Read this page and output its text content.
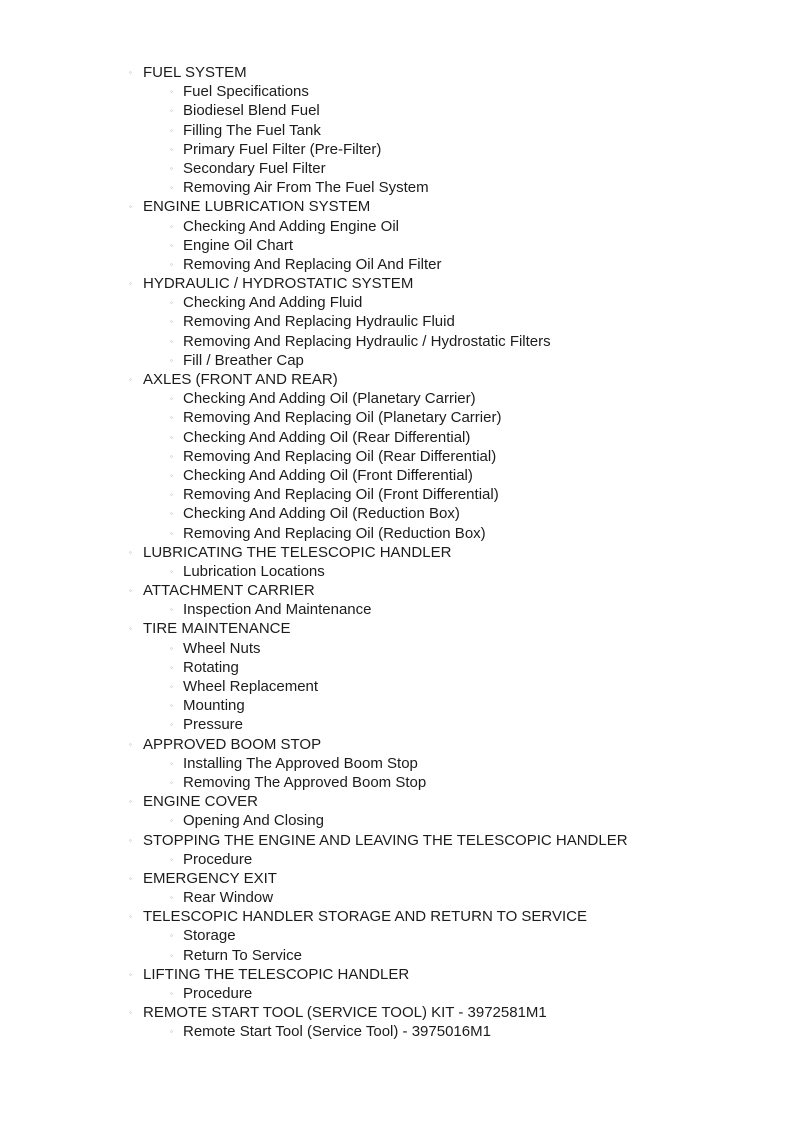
◦ FUEL SYSTEM
◦ Fuel Specifications
◦ Biodiesel Blend Fuel
◦ Filling The Fuel Tank
◦ Primary Fuel Filter (Pre-Filter)
◦ Secondary Fuel Filter
◦ Removing Air From The Fuel System
◦ ENGINE LUBRICATION SYSTEM
◦ Checking And Adding Engine Oil
◦ Engine Oil Chart
◦ Removing And Replacing Oil And Filter
◦ HYDRAULIC / HYDROSTATIC SYSTEM
◦ Checking And Adding Fluid
◦ Removing And Replacing Hydraulic Fluid
◦ Removing And Replacing Hydraulic / Hydrostatic Filters
◦ Fill / Breather Cap
◦ AXLES (FRONT AND REAR)
◦ Checking And Adding Oil (Planetary Carrier)
◦ Removing And Replacing Oil (Planetary Carrier)
◦ Checking And Adding Oil (Rear Differential)
◦ Removing And Replacing Oil (Rear Differential)
◦ Checking And Adding Oil (Front Differential)
◦ Removing And Replacing Oil (Front Differential)
◦ Checking And Adding Oil (Reduction Box)
◦ Removing And Replacing Oil (Reduction Box)
◦ LUBRICATING THE TELESCOPIC HANDLER
◦ Lubrication Locations
◦ ATTACHMENT CARRIER
◦ Inspection And Maintenance
◦ TIRE MAINTENANCE
◦ Wheel Nuts
◦ Rotating
◦ Wheel Replacement
◦ Mounting
◦ Pressure
◦ APPROVED BOOM STOP
◦ Installing The Approved Boom Stop
◦ Removing The Approved Boom Stop
◦ ENGINE COVER
◦ Opening And Closing
◦ STOPPING THE ENGINE AND LEAVING THE TELESCOPIC HANDLER
◦ Procedure
◦ EMERGENCY EXIT
◦ Rear Window
◦ TELESCOPIC HANDLER STORAGE AND RETURN TO SERVICE
◦ Storage
◦ Return To Service
◦ LIFTING THE TELESCOPIC HANDLER
◦ Procedure
◦ REMOTE START TOOL (SERVICE TOOL) KIT - 3972581M1
◦ Remote Start Tool (Service Tool) - 3975016M1
